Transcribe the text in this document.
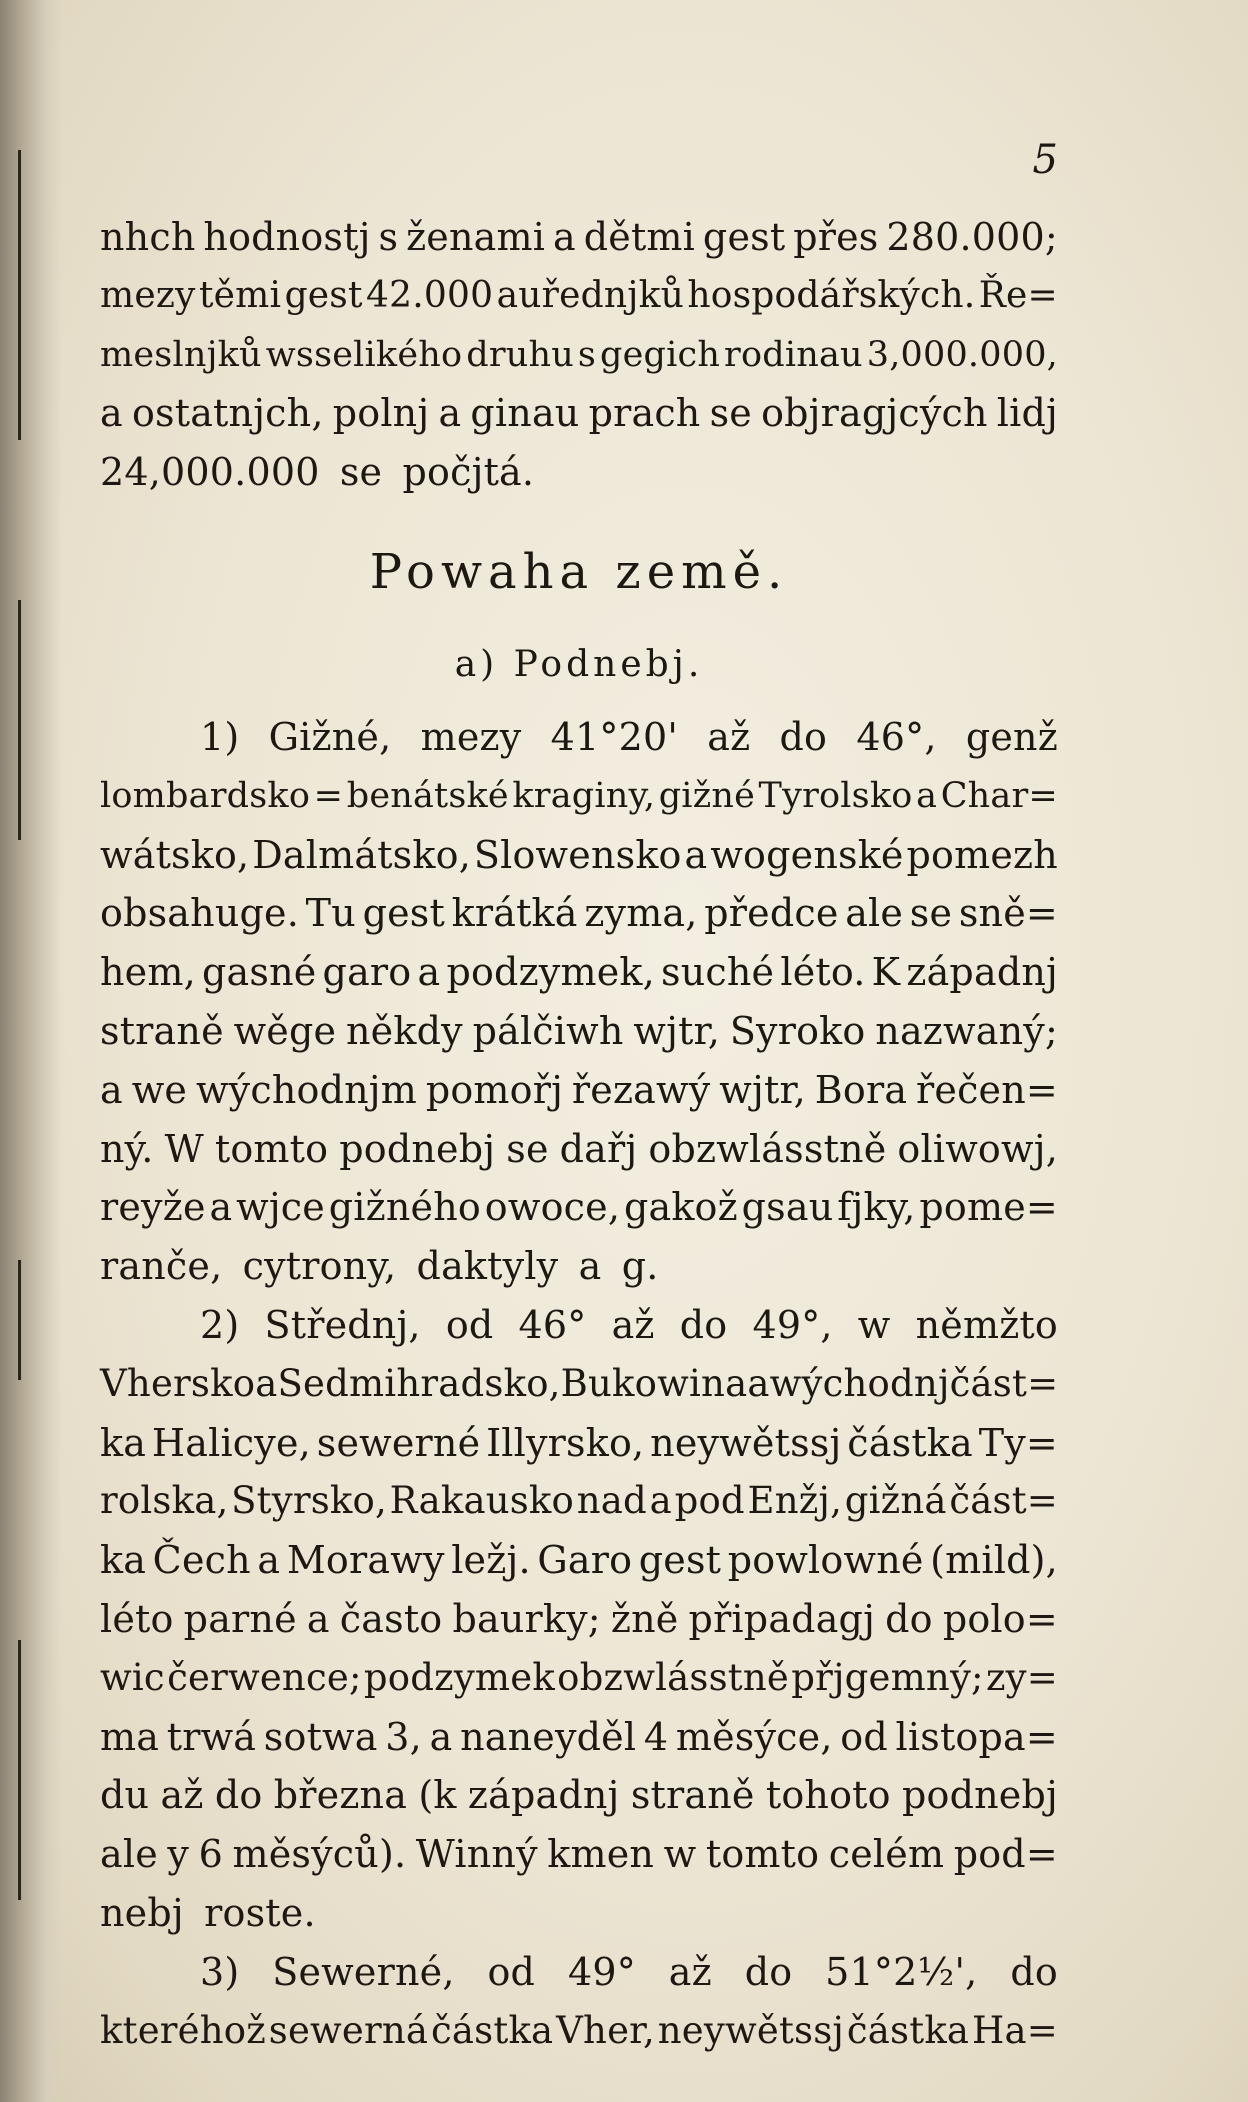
5
nhch hodnostj s ženami a dětmi gest přes 280.000;
mezy těmi gest 42.000 auřednjků hospodářských. Ře=
meslnjků wsselikého druhu s gegich rodinau 3,000.000,
a ostatnjch, polnj a ginau prach se objragjcých lidj
24,000.000 se počjtá.
Powaha země.
a) Podnebj.
1) Gižné, mezy 41°20' až do 46°, genž
lombardsko = benátské kraginy, gižné Tyrolsko a Char=
wátsko, Dalmátsko, Slowensko a wogenské pomezh
obsahuge. Tu gest krátká zyma, předce ale se sně=
hem, gasné garo a podzymek, suché léto. K západnj
straně wěge někdy pálčiwh wjtr, Syroko nazwaný;
a we wýchodnjm pomořj řezawý wjtr, Bora řečen=
ný. W tomto podnebj se dařj obzwlásstně oliwowj,
reyže a wjce gižného owoce, gakož gsau fjky, pome=
ranče, cytrony, daktyly a g.
2) Střednj, od 46° až do 49°, w němžto
Vhersko a Sedmihradsko, Bukowina a wýchodnj část=
ka Halicye, sewerné Illyrsko, neywětssj částka Ty=
rolska, Styrsko, Rakausko nad a pod Enžj, gižná část=
ka Čech a Morawy ležj. Garo gest powlowné (mild),
léto parné a často baurky; žně připadagj do polo=
wic čerwence; podzymek obzwlásstně přjgemný; zy=
ma trwá sotwa 3, a naneyděl 4 měsýce, od listopa=
du až do března (k západnj straně tohoto podnebj
ale y 6 měsýců). Winný kmen w tomto celém pod=
nebj roste.
3) Sewerné, od 49° až do 51°2½', do
kteréhož sewerná částka Vher, neywětssj částka Ha=
